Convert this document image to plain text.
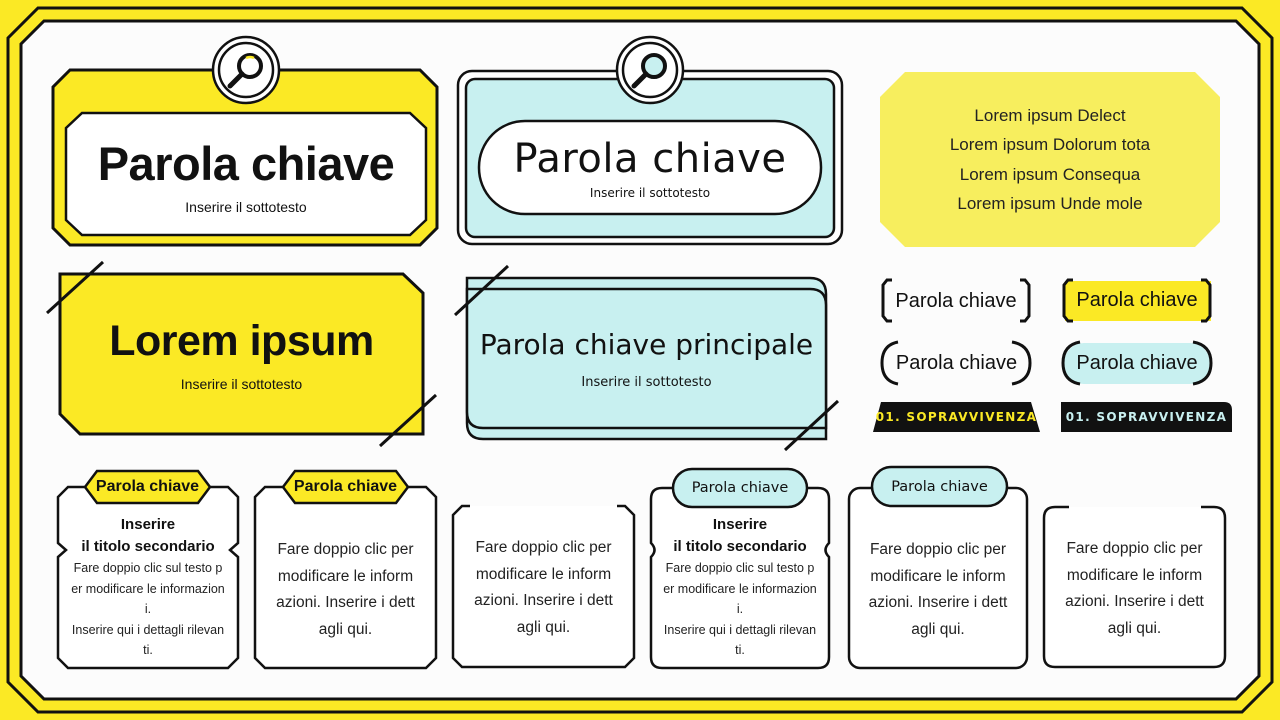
Parola chiave
Inserire il sottotesto
Parola chiave
Inserire il sottotesto
Lorem ipsum Delect
Lorem ipsum Dolorum tota
Lorem ipsum Consequa
Lorem ipsum Unde mole
Lorem ipsum
Inserire il sottotesto
Parola chiave principale
Inserire il sottotesto
Parola chiave	Parola chiave
Parola chiave	Parola chiave
01. SOPRAVVIVENZA 01. SOPRAVVIVENZA
Parola chiave
Inserire
il titolo secondario
Fare doppio clic sul testo p
er modificare le informazion
i.
Inserire qui i dettagli rilevan
ti.
Parola chiave
Fare doppio clic per
modificare le inform
azioni. Inserire i dett
agli qui.
Fare doppio clic per
modificare le inform
azioni. Inserire i dett
agli qui.
Parola chiave
Inserire
il titolo secondario
Fare doppio clic sul testo p
er modificare le informazion
i.
Inserire qui i dettagli rilevan
ti.
Parola chiave
Fare doppio clic per
modificare le inform
azioni. Inserire i dett
agli qui.
Fare doppio clic per
modificare le inform
azioni. Inserire i dett
agli qui.
